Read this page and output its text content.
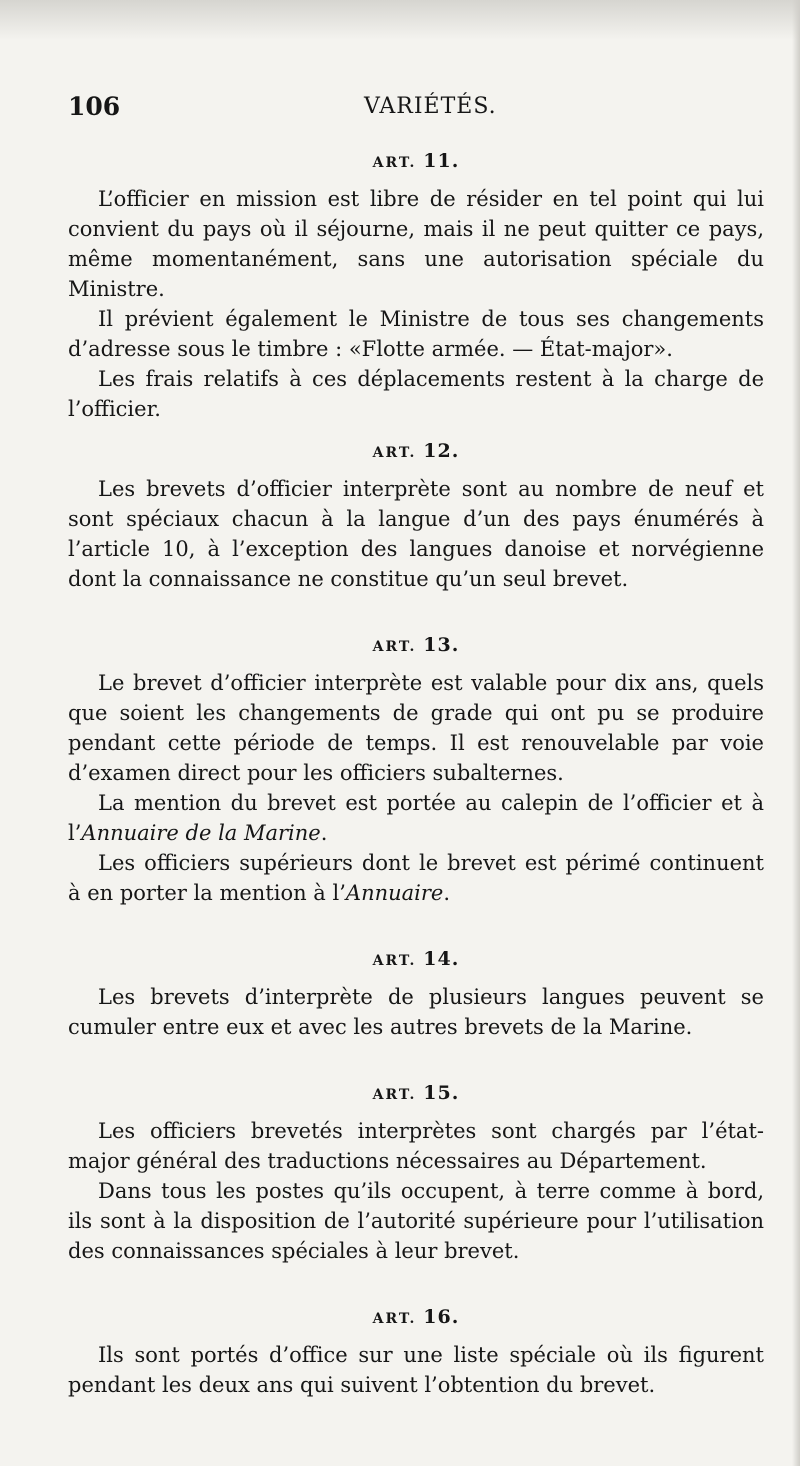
106	VARIÉTÉS.
ART. 11.

L’officier en mission est libre de résider en tel point qui lui convient du pays où il séjourne, mais il ne peut quitter ce pays, même momentanément, sans une autorisation spéciale du Ministre.

Il prévient également le Ministre de tous ses changements d’adresse sous le timbre : «Flotte armée. — État-major».

Les frais relatifs à ces déplacements restent à la charge de l’officier.

ART. 12.

Les brevets d’officier interprète sont au nombre de neuf et sont spéciaux chacun à la langue d’un des pays énumérés à l’article 10, à l’exception des langues danoise et norvégienne dont la connaissance ne constitue qu’un seul brevet.

ART. 13.

Le brevet d’officier interprète est valable pour dix ans, quels que soient les changements de grade qui ont pu se produire pendant cette période de temps. Il est renouvelable par voie d’examen direct pour les officiers subalternes.

La mention du brevet est portée au calepin de l’officier et à l’Annuaire de la Marine.

Les officiers supérieurs dont le brevet est périmé continuent à en porter la mention à l’Annuaire.

ART. 14.

Les brevets d’interprète de plusieurs langues peuvent se cumuler entre eux et avec les autres brevets de la Marine.

ART. 15.

Les officiers brevetés interprètes sont chargés par l’état-major général des traductions nécessaires au Département.

Dans tous les postes qu’ils occupent, à terre comme à bord, ils sont à la disposition de l’autorité supérieure pour l’utilisation des connaissances spéciales à leur brevet.

ART. 16.

Ils sont portés d’office sur une liste spéciale où ils figurent pendant les deux ans qui suivent l’obtention du brevet.
